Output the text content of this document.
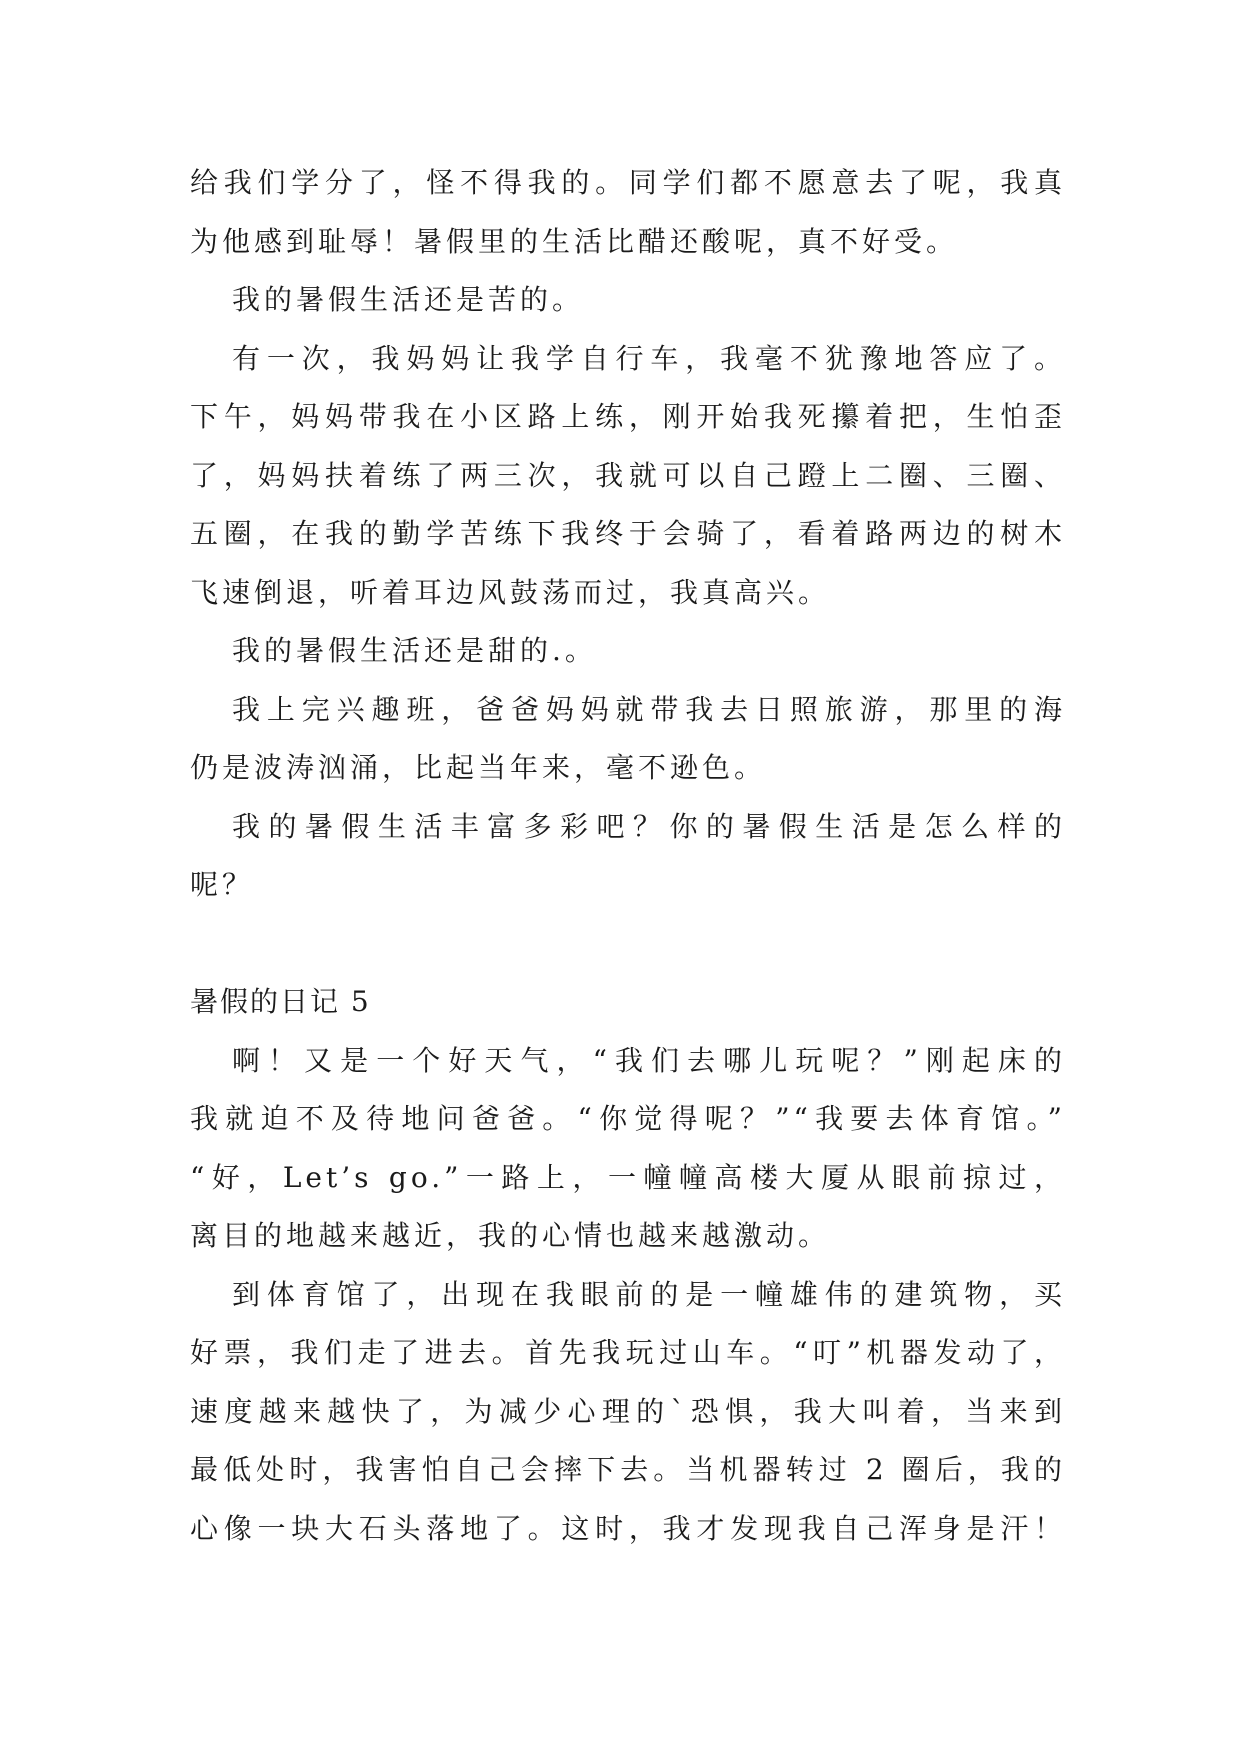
给我们学分了，怪不得我的。同学们都不愿意去了呢，我真
为他感到耻辱！暑假里的生活比醋还酸呢，真不好受。
我的暑假生活还是苦的。
有一次，我妈妈让我学自行车，我毫不犹豫地答应了。
下午，妈妈带我在小区路上练，刚开始我死攥着把，生怕歪
了，妈妈扶着练了两三次，我就可以自己蹬上二圈、三圈、
五圈，在我的勤学苦练下我终于会骑了，看着路两边的树木
飞速倒退，听着耳边风鼓荡而过，我真高兴。
我的暑假生活还是甜的.。
我上完兴趣班，爸爸妈妈就带我去日照旅游，那里的海
仍是波涛汹涌，比起当年来，毫不逊色。
我的暑假生活丰富多彩吧？你的暑假生活是怎么样的
呢？
暑假的日记 5
啊！又是一个好天气，“我们去哪儿玩呢？”刚起床的
我就迫不及待地问爸爸。“你觉得呢？”“我要去体育馆。”
“好，Let’s go.”一路上，一幢幢高楼大厦从眼前掠过，
离目的地越来越近，我的心情也越来越激动。
到体育馆了，出现在我眼前的是一幢雄伟的建筑物，买
好票，我们走了进去。首先我玩过山车。“叮”机器发动了，
速度越来越快了，为减少心理的`恐惧，我大叫着，当来到
最低处时，我害怕自己会摔下去。当机器转过 2 圈后，我的
心像一块大石头落地了。这时，我才发现我自己浑身是汗！
